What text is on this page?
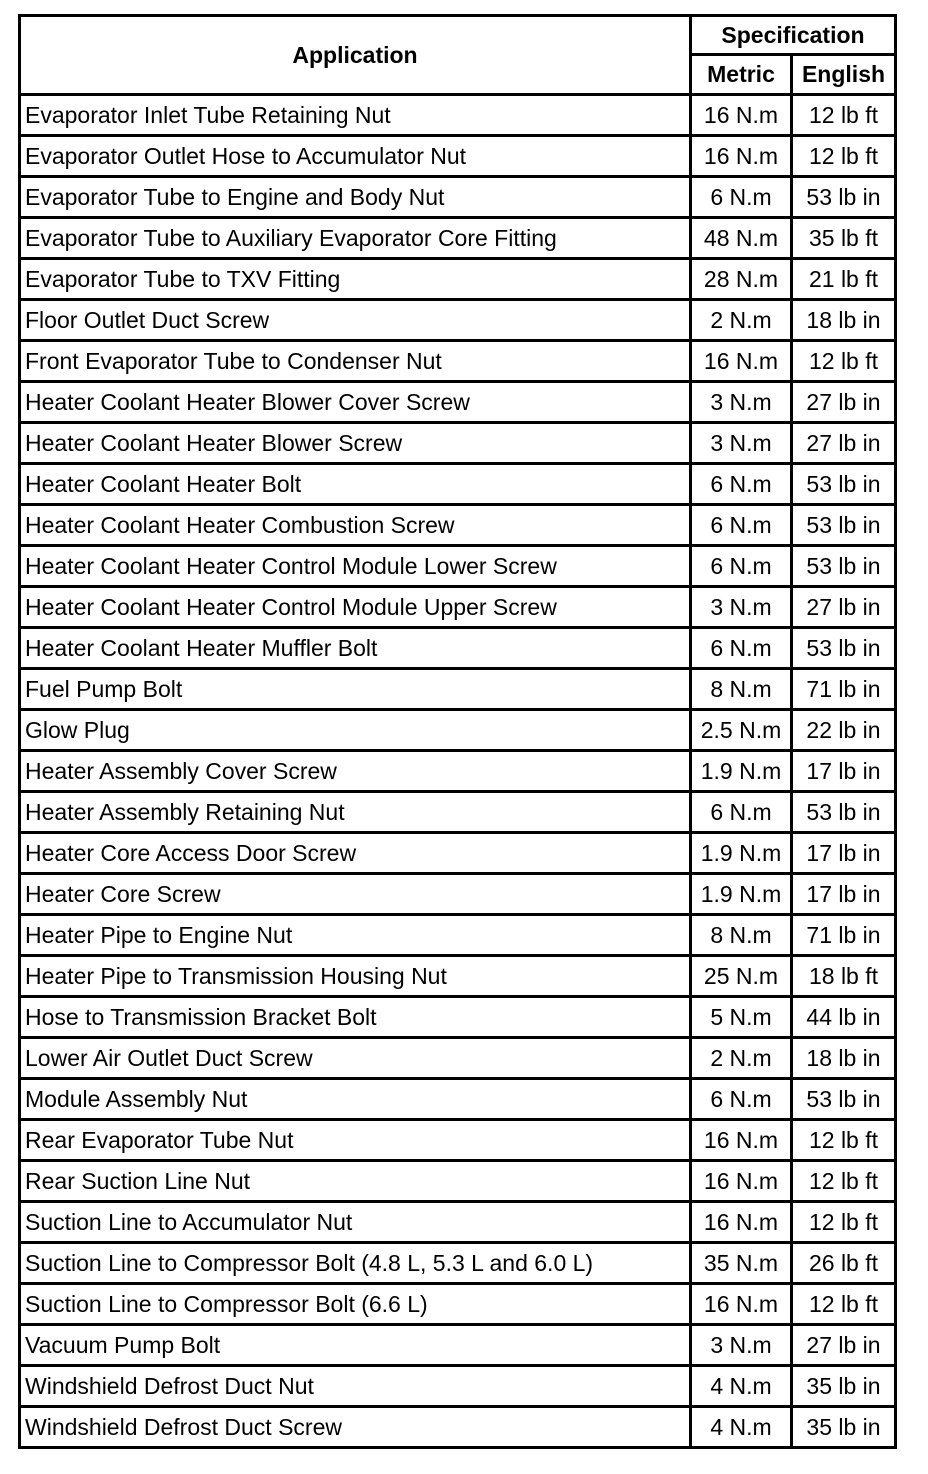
Application	Specification	
	Metric	English
Evaporator Inlet Tube Retaining Nut	16 N.m	12 lb ft
Evaporator Outlet Hose to Accumulator Nut	16 N.m	12 lb ft
Evaporator Tube to Engine and Body Nut	6 N.m	53 lb in
Evaporator Tube to Auxiliary Evaporator Core Fitting	48 N.m	35 lb ft
Evaporator Tube to TXV Fitting	28 N.m	21 lb ft
Floor Outlet Duct Screw	2 N.m	18 lb in
Front Evaporator Tube to Condenser Nut	16 N.m	12 lb ft
Heater Coolant Heater Blower Cover Screw	3 N.m	27 lb in
Heater Coolant Heater Blower Screw	3 N.m	27 lb in
Heater Coolant Heater Bolt	6 N.m	53 lb in
Heater Coolant Heater Combustion Screw	6 N.m	53 lb in
Heater Coolant Heater Control Module Lower Screw	6 N.m	53 lb in
Heater Coolant Heater Control Module Upper Screw	3 N.m	27 lb in
Heater Coolant Heater Muffler Bolt	6 N.m	53 lb in
Fuel Pump Bolt	8 N.m	71 lb in
Glow Plug	2.5 N.m	22 lb in
Heater Assembly Cover Screw	1.9 N.m	17 lb in
Heater Assembly Retaining Nut	6 N.m	53 lb in
Heater Core Access Door Screw	1.9 N.m	17 lb in
Heater Core Screw	1.9 N.m	17 lb in
Heater Pipe to Engine Nut	8 N.m	71 lb in
Heater Pipe to Transmission Housing Nut	25 N.m	18 lb ft
Hose to Transmission Bracket Bolt	5 N.m	44 lb in
Lower Air Outlet Duct Screw	2 N.m	18 lb in
Module Assembly Nut	6 N.m	53 lb in
Rear Evaporator Tube Nut	16 N.m	12 lb ft
Rear Suction Line Nut	16 N.m	12 lb ft
Suction Line to Accumulator Nut	16 N.m	12 lb ft
Suction Line to Compressor Bolt (4.8 L, 5.3 L and 6.0 L)	35 N.m	26 lb ft
Suction Line to Compressor Bolt (6.6 L)	16 N.m	12 lb ft
Vacuum Pump Bolt	3 N.m	27 lb in
Windshield Defrost Duct Nut	4 N.m	35 lb in
Windshield Defrost Duct Screw	4 N.m	35 lb in
